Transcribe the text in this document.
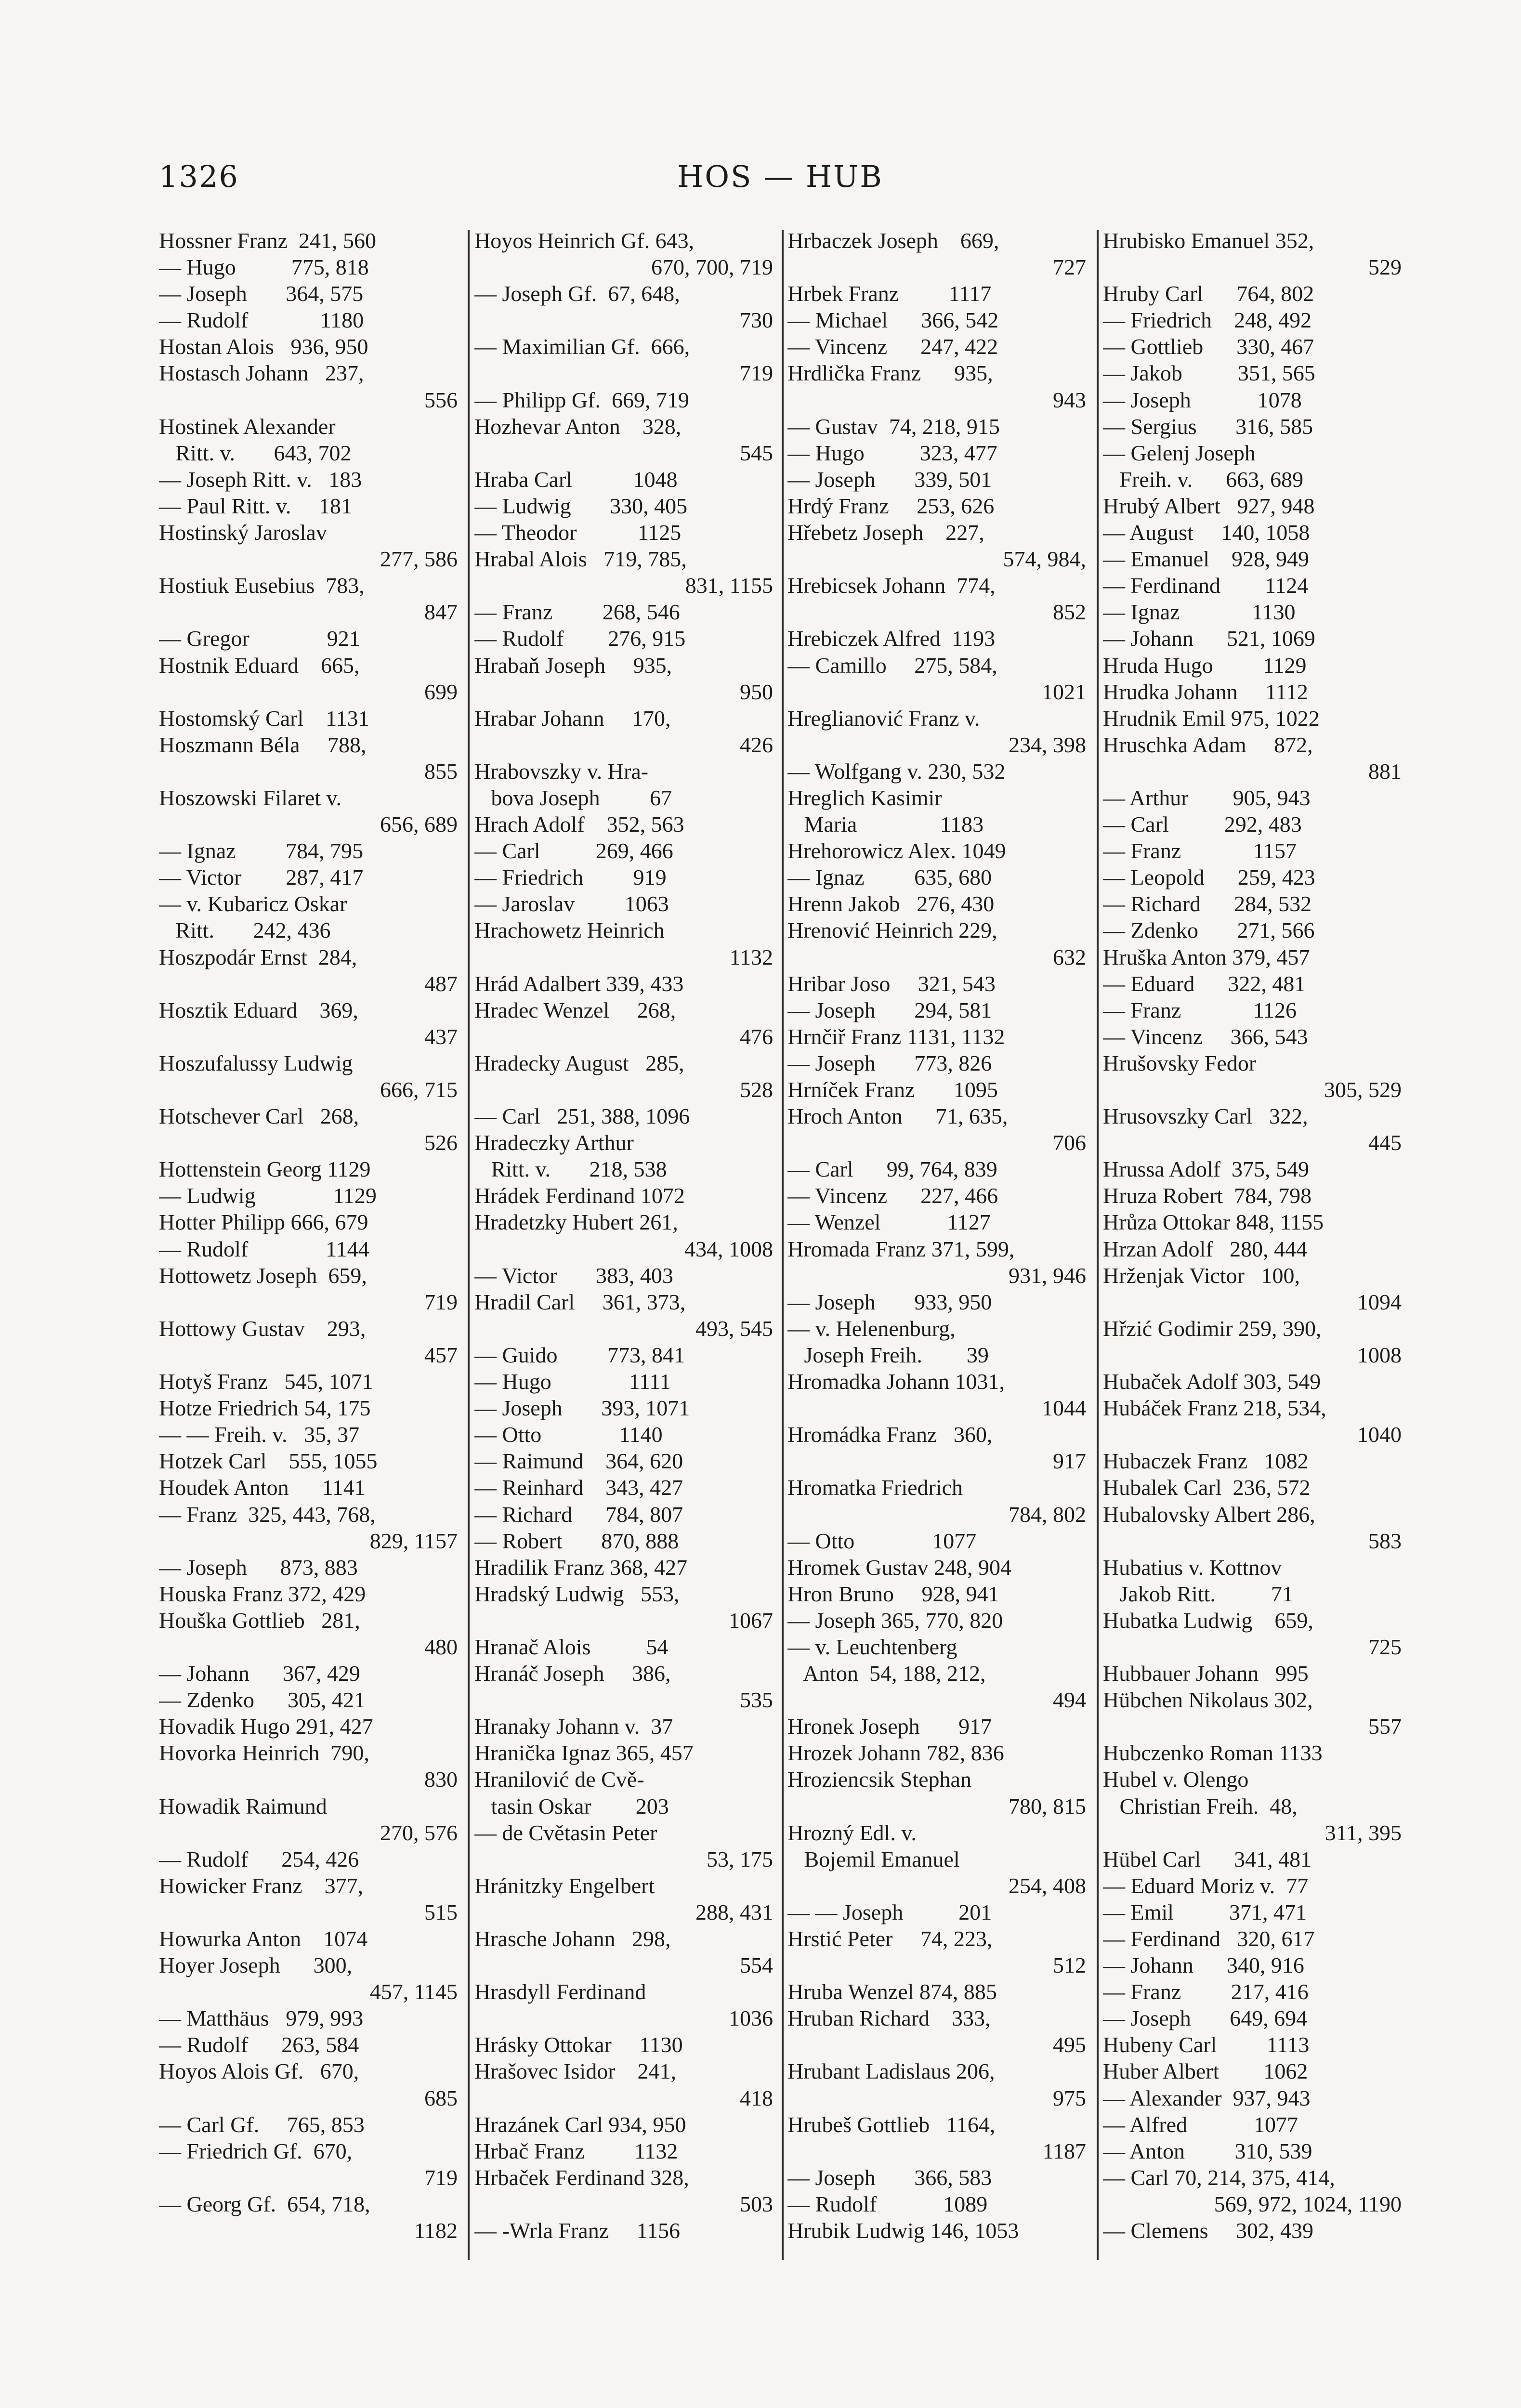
1326	HOS — HUB
Hossner Franz  241, 560
— Hugo          775, 818
— Joseph       364, 575
— Rudolf             1180
Hostan Alois   936, 950
Hostasch Johann   237,
556
Hostinek Alexander
Ritt. v.       643, 702
— Joseph Ritt. v.   183
— Paul Ritt. v.     181
Hostinský Jaroslav
277, 586
Hostiuk Eusebius  783,
847
— Gregor              921
Hostnik Eduard    665,
699
Hostomský Carl    1131
Hoszmann Béla     788,
855
Hoszowski Filaret v.
656, 689
— Ignaz         784, 795
— Victor        287, 417
— v. Kubaricz Oskar
Ritt.       242, 436
Hoszpodár Ernst  284,
487
Hosztik Eduard    369,
437
Hoszufalussy Ludwig
666, 715
Hotschever Carl   268,
526
Hottenstein Georg 1129
— Ludwig              1129
Hotter Philipp 666, 679
— Rudolf              1144
Hottowetz Joseph  659,
719
Hottowy Gustav    293,
457
Hotyš Franz   545, 1071
Hotze Friedrich 54, 175
— — Freih. v.   35, 37
Hotzek Carl    555, 1055
Houdek Anton      1141
— Franz  325, 443, 768,
829, 1157
— Joseph      873, 883
Houska Franz 372, 429
Houška Gottlieb   281,
480
— Johann      367, 429
— Zdenko      305, 421
Hovadik Hugo 291, 427
Hovorka Heinrich  790,
830
Howadik Raimund
270, 576
— Rudolf      254, 426
Howicker Franz    377,
515
Howurka Anton    1074
Hoyer Joseph      300,
457, 1145
— Matthäus   979, 993
— Rudolf      263, 584
Hoyos Alois Gf.   670,
685
— Carl Gf.     765, 853
— Friedrich Gf.  670,
719
— Georg Gf.  654, 718,
1182
Hoyos Heinrich Gf. 643,
670, 700, 719
— Joseph Gf.  67, 648,
730
— Maximilian Gf.  666,
719
— Philipp Gf.  669, 719
Hozhevar Anton    328,
545
Hraba Carl           1048
— Ludwig       330, 405
— Theodor           1125
Hrabal Alois   719, 785,
831, 1155
— Franz         268, 546
— Rudolf        276, 915
Hrabaň Joseph     935,
950
Hrabar Johann     170,
426
Hrabovszky v. Hra-
bova Joseph         67
Hrach Adolf    352, 563
— Carl          269, 466
— Friedrich         919
— Jaroslav         1063
Hrachowetz Heinrich
1132
Hrád Adalbert 339, 433
Hradec Wenzel     268,
476
Hradecky August   285,
528
— Carl   251, 388, 1096
Hradeczky Arthur
Ritt. v.       218, 538
Hrádek Ferdinand 1072
Hradetzky Hubert 261,
434, 1008
— Victor       383, 403
Hradil Carl     361, 373,
493, 545
— Guido         773, 841
— Hugo              1111
— Joseph       393, 1071
— Otto              1140
— Raimund    364, 620
— Reinhard    343, 427
— Richard      784, 807
— Robert       870, 888
Hradilik Franz 368, 427
Hradský Ludwig   553,
1067
Hranač Alois          54
Hranáč Joseph     386,
535
Hranaky Johann v.  37
Hranička Ignaz 365, 457
Hranilović de Cvě-
tasin Oskar        203
— de Cvětasin Peter
53, 175
Hránitzky Engelbert
288, 431
Hrasche Johann   298,
554
Hrasdyll Ferdinand
1036
Hrásky Ottokar     1130
Hrašovec Isidor    241,
418
Hrazánek Carl 934, 950
Hrbač Franz         1132
Hrbaček Ferdinand 328,
503
— -Wrla Franz     1156
Hrbaczek Joseph    669,
727
Hrbek Franz         1117
— Michael      366, 542
— Vincenz      247, 422
Hrdlička Franz      935,
943
— Gustav  74, 218, 915
— Hugo          323, 477
— Joseph       339, 501
Hrdý Franz     253, 626
Hřebetz Joseph    227,
574, 984,
Hrebicsek Johann  774,
852
Hrebiczek Alfred  1193
— Camillo     275, 584,
1021
Hreglianović Franz v.
234, 398
— Wolfgang v. 230, 532
Hreglich Kasimir
Maria               1183
Hrehorowicz Alex. 1049
— Ignaz         635, 680
Hrenn Jakob   276, 430
Hrenović Heinrich 229,
632
Hribar Joso     321, 543
— Joseph       294, 581
Hrnčiř Franz 1131, 1132
— Joseph       773, 826
Hrníček Franz       1095
Hroch Anton      71, 635,
706
— Carl      99, 764, 839
— Vincenz      227, 466
— Wenzel            1127
Hromada Franz 371, 599,
931, 946
— Joseph       933, 950
— v. Helenenburg,
Joseph Freih.        39
Hromadka Johann 1031,
1044
Hromádka Franz   360,
917
Hromatka Friedrich
784, 802
— Otto              1077
Hromek Gustav 248, 904
Hron Bruno     928, 941
— Joseph 365, 770, 820
— v. Leuchtenberg
Anton  54, 188, 212,
494
Hronek Joseph       917
Hrozek Johann 782, 836
Hroziencsik Stephan
780, 815
Hrozný Edl. v.
Bojemil Emanuel
254, 408
— — Joseph          201
Hrstić Peter     74, 223,
512
Hruba Wenzel 874, 885
Hruban Richard    333,
495
Hrubant Ladislaus 206,
975
Hrubeš Gottlieb   1164,
1187
— Joseph       366, 583
— Rudolf            1089
Hrubik Ludwig 146, 1053
Hrubisko Emanuel 352,
529
Hruby Carl      764, 802
— Friedrich    248, 492
— Gottlieb      330, 467
— Jakob          351, 565
— Joseph            1078
— Sergius       316, 585
— Gelenj Joseph
Freih. v.      663, 689
Hrubý Albert   927, 948
— August     140, 1058
— Emanuel    928, 949
— Ferdinand        1124
— Ignaz             1130
— Johann      521, 1069
Hruda Hugo         1129
Hrudka Johann     1112
Hrudnik Emil 975, 1022
Hruschka Adam     872,
881
— Arthur        905, 943
— Carl          292, 483
— Franz             1157
— Leopold      259, 423
— Richard      284, 532
— Zdenko       271, 566
Hruška Anton 379, 457
— Eduard      322, 481
— Franz             1126
— Vincenz     366, 543
Hrušovsky Fedor
305, 529
Hrusovszky Carl   322,
445
Hrussa Adolf  375, 549
Hruza Robert  784, 798
Hrůza Ottokar 848, 1155
Hrzan Adolf   280, 444
Hrženjak Victor   100,
1094
Hřzić Godimir 259, 390,
1008
Hubaček Adolf 303, 549
Hubáček Franz 218, 534,
1040
Hubaczek Franz   1082
Hubalek Carl  236, 572
Hubalovsky Albert 286,
583
Hubatius v. Kottnov
Jakob Ritt.          71
Hubatka Ludwig    659,
725
Hubbauer Johann   995
Hübchen Nikolaus 302,
557
Hubczenko Roman 1133
Hubel v. Olengo
Christian Freih.  48,
311, 395
Hübel Carl      341, 481
— Eduard Moriz v.  77
— Emil          371, 471
— Ferdinand   320, 617
— Johann      340, 916
— Franz         217, 416
— Joseph       649, 694
Hubeny Carl         1113
Huber Albert        1062
— Alexander  937, 943
— Alfred            1077
— Anton         310, 539
— Carl 70, 214, 375, 414,
569, 972, 1024, 1190
— Clemens     302, 439
